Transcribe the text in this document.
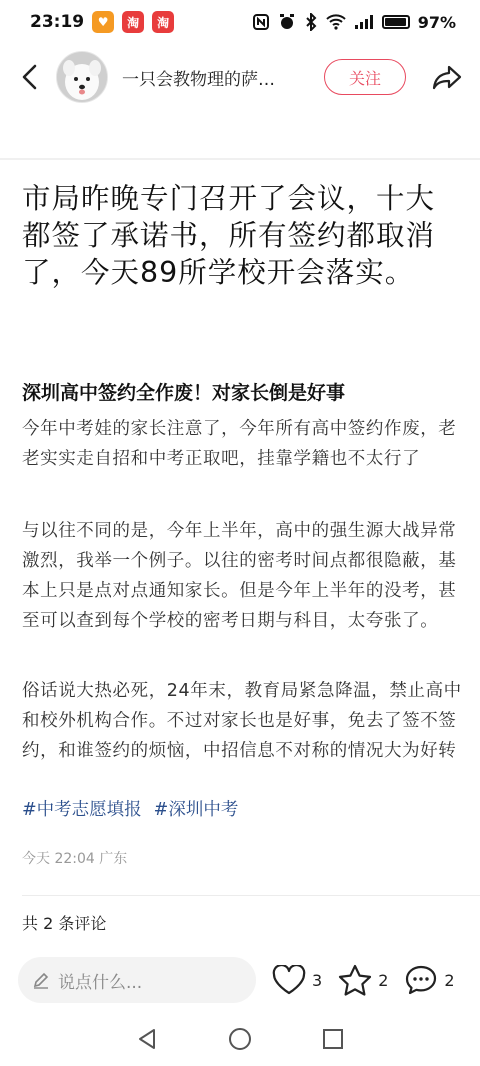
23:19	♥	淘	淘	97%
一只会教物理的萨…	关注
市局昨晚专门召开了会议，十大都签了承诺书，所有签约都取消了，今天89所学校开会落实。
深圳高中签约全作废！对家长倒是好事
今年中考娃的家长注意了，今年所有高中签约作废，老老实实走自招和中考正取吧，挂靠学籍也不太行了
与以往不同的是，今年上半年，高中的强生源大战异常激烈，我举一个例子。以往的密考时间点都很隐蔽，基本上只是点对点通知家长。但是今年上半年的没考，甚至可以查到每个学校的密考日期与科目，太夸张了。
俗话说大热必死，24年末，教育局紧急降温，禁止高中和校外机构合作。不过对家长也是好事，免去了签不签约，和谁签约的烦恼，中招信息不对称的情况大为好转
#中考志愿填报 #深圳中考
今天 22:04 广东
共 2 条评论
说点什么...	3	2	2
